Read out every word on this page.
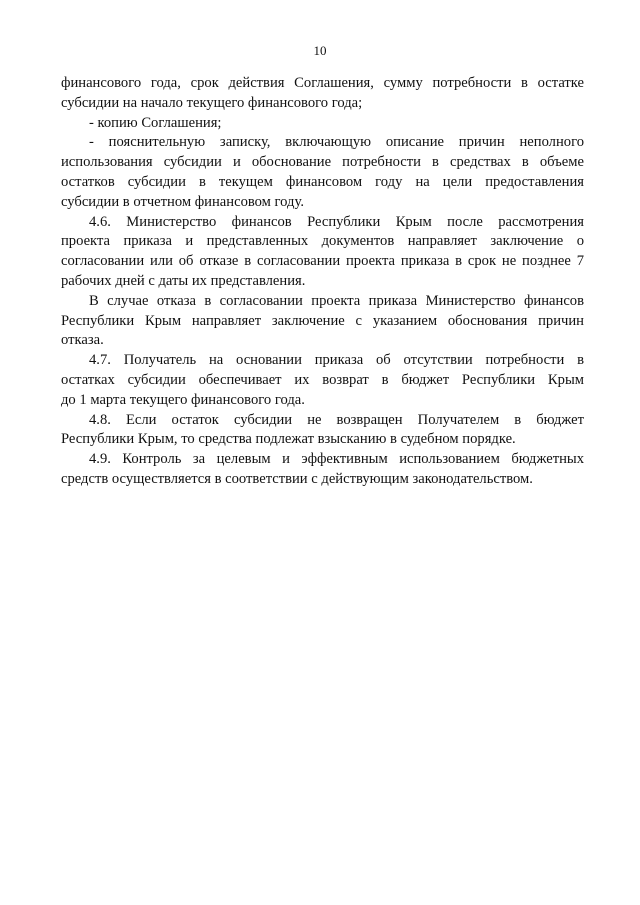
10
финансового года, срок действия Соглашения, сумму потребности в остатке
субсидии на начало текущего финансового года;
- копию Соглашения;
- пояснительную записку, включающую описание причин неполного
использования субсидии и обоснование потребности в средствах в объеме
остатков субсидии в текущем финансовом году на цели предоставления
субсидии в отчетном финансовом году.
4.6. Министерство финансов Республики Крым после рассмотрения
проекта приказа и представленных документов направляет заключение о
согласовании или об отказе в согласовании проекта приказа в срок не позднее 7
рабочих дней с даты их представления.
В случае отказа в согласовании проекта приказа Министерство финансов
Республики Крым направляет заключение с указанием обоснования причин
отказа.
4.7. Получатель на основании приказа об отсутствии потребности в
остатках субсидии обеспечивает их возврат в бюджет Республики Крым
до 1 марта текущего финансового года.
4.8. Если остаток субсидии не возвращен Получателем в бюджет
Республики Крым, то средства подлежат взысканию в судебном порядке.
4.9. Контроль за целевым и эффективным использованием бюджетных
средств осуществляется в соответствии с действующим законодательством.
